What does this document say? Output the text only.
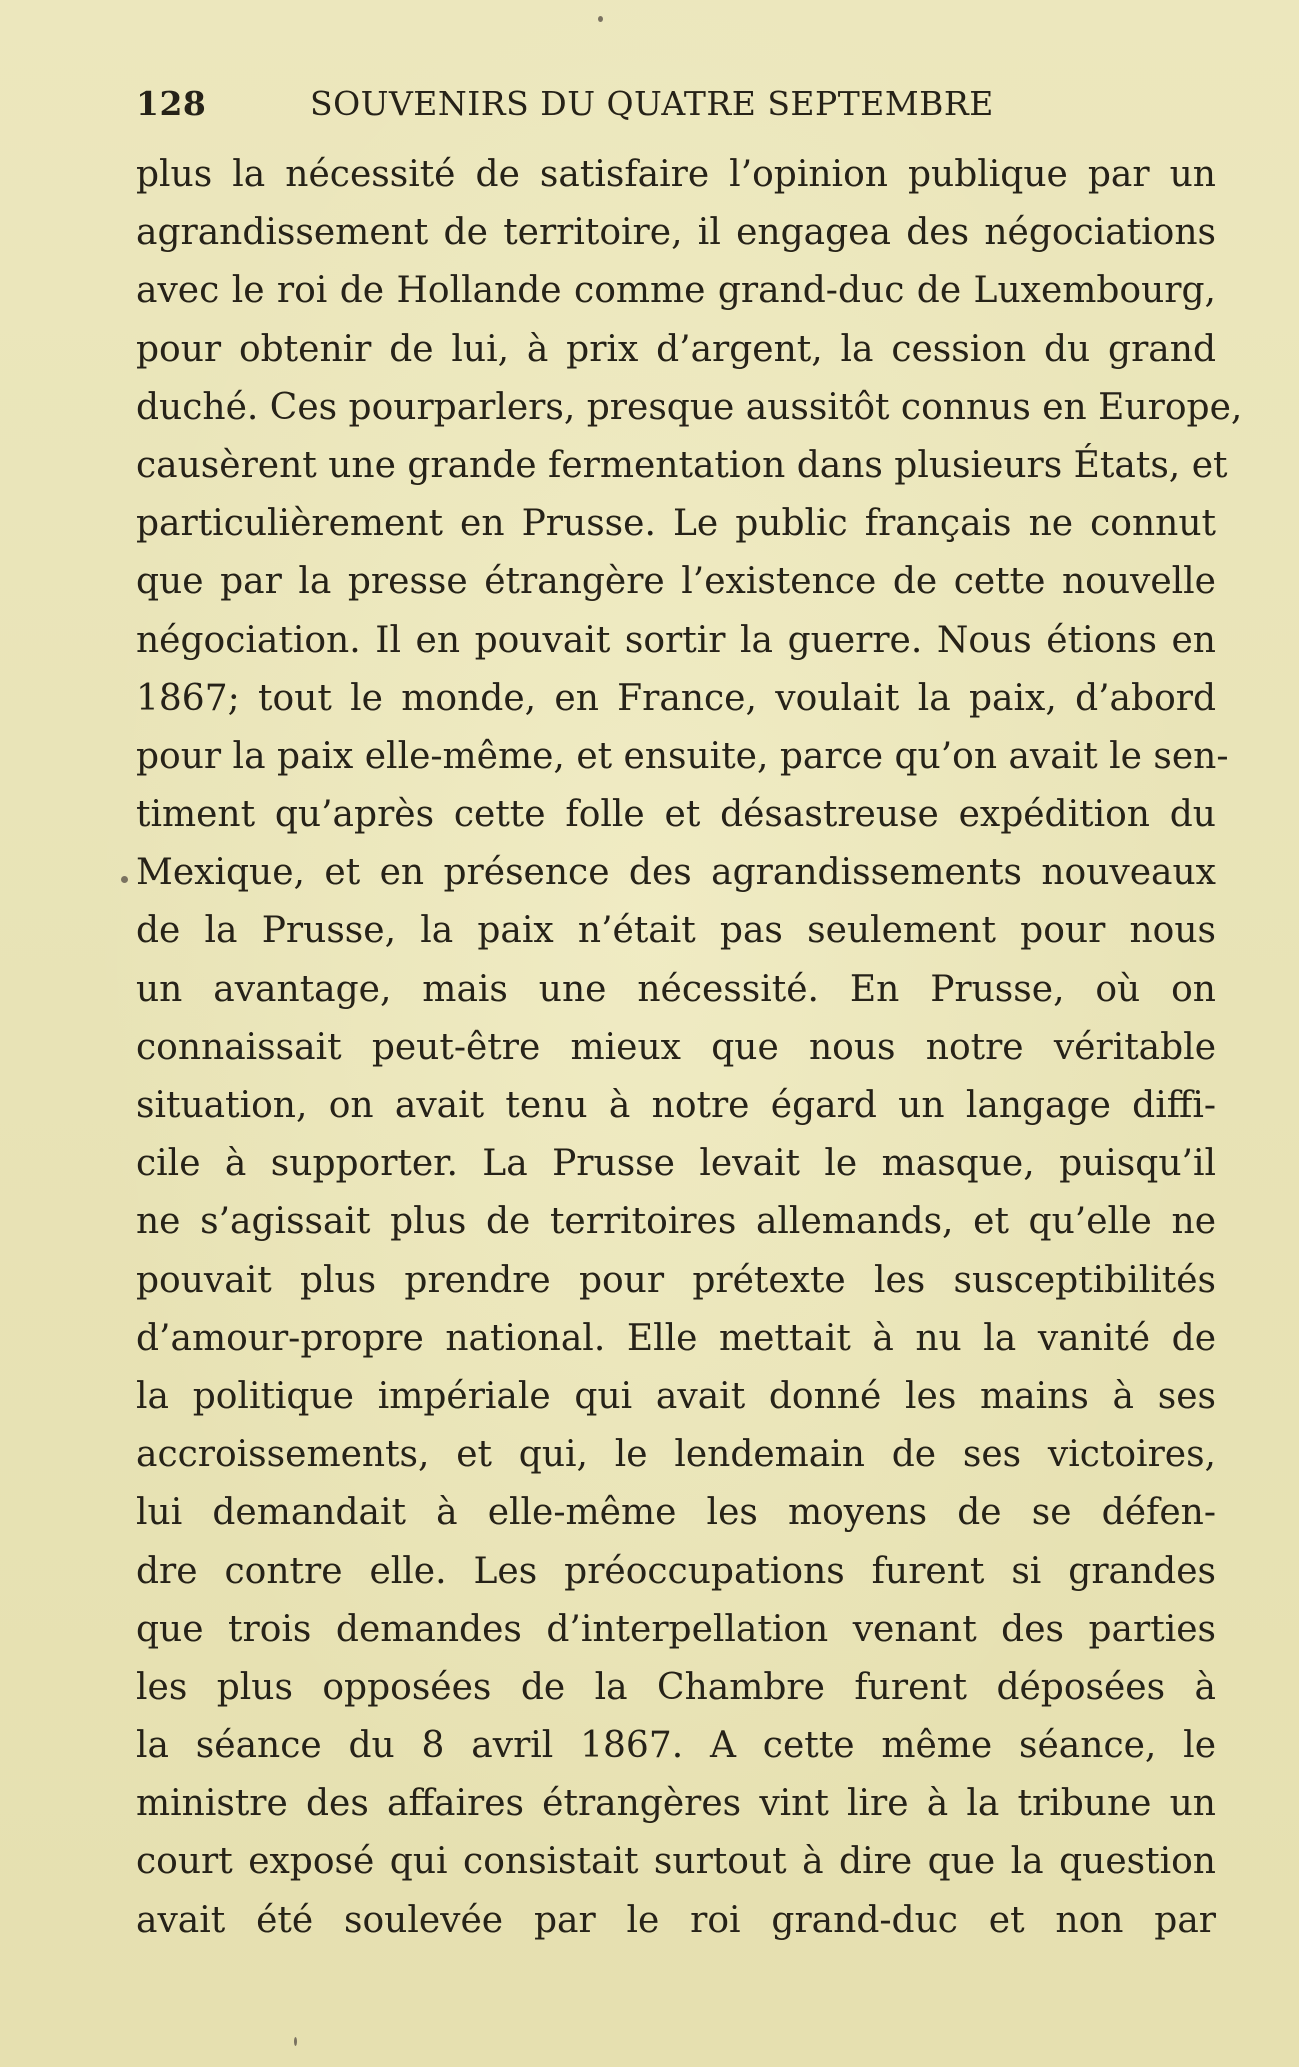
128	SOUVENIRS DU QUATRE SEPTEMBRE
plus la nécessité de satisfaire l’opinion publique par un
agrandissement de territoire, il engagea des négociations
avec le roi de Hollande comme grand-duc de Luxembourg,
pour obtenir de lui, à prix d’argent, la cession du grand
duché. Ces pourparlers, presque aussitôt connus en Europe,
causèrent une grande fermentation dans plusieurs États, et
particulièrement en Prusse. Le public français ne connut
que par la presse étrangère l’existence de cette nouvelle
négociation. Il en pouvait sortir la guerre. Nous étions en
1867; tout le monde, en France, voulait la paix, d’abord
pour la paix elle-même, et ensuite, parce qu’on avait le sen-
timent qu’après cette folle et désastreuse expédition du
Mexique, et en présence des agrandissements nouveaux
de la Prusse, la paix n’était pas seulement pour nous
un avantage, mais une nécessité. En Prusse, où on
connaissait peut-être mieux que nous notre véritable
situation, on avait tenu à notre égard un langage diffi-
cile à supporter. La Prusse levait le masque, puisqu’il
ne s’agissait plus de territoires allemands, et qu’elle ne
pouvait plus prendre pour prétexte les susceptibilités
d’amour-propre national. Elle mettait à nu la vanité de
la politique impériale qui avait donné les mains à ses
accroissements, et qui, le lendemain de ses victoires,
lui demandait à elle-même les moyens de se défen-
dre contre elle. Les préoccupations furent si grandes
que trois demandes d’interpellation venant des parties
les plus opposées de la Chambre furent déposées à
la séance du 8 avril 1867. A cette même séance, le
ministre des affaires étrangères vint lire à la tribune un
court exposé qui consistait surtout à dire que la question
avait été soulevée par le roi grand-duc et non par
